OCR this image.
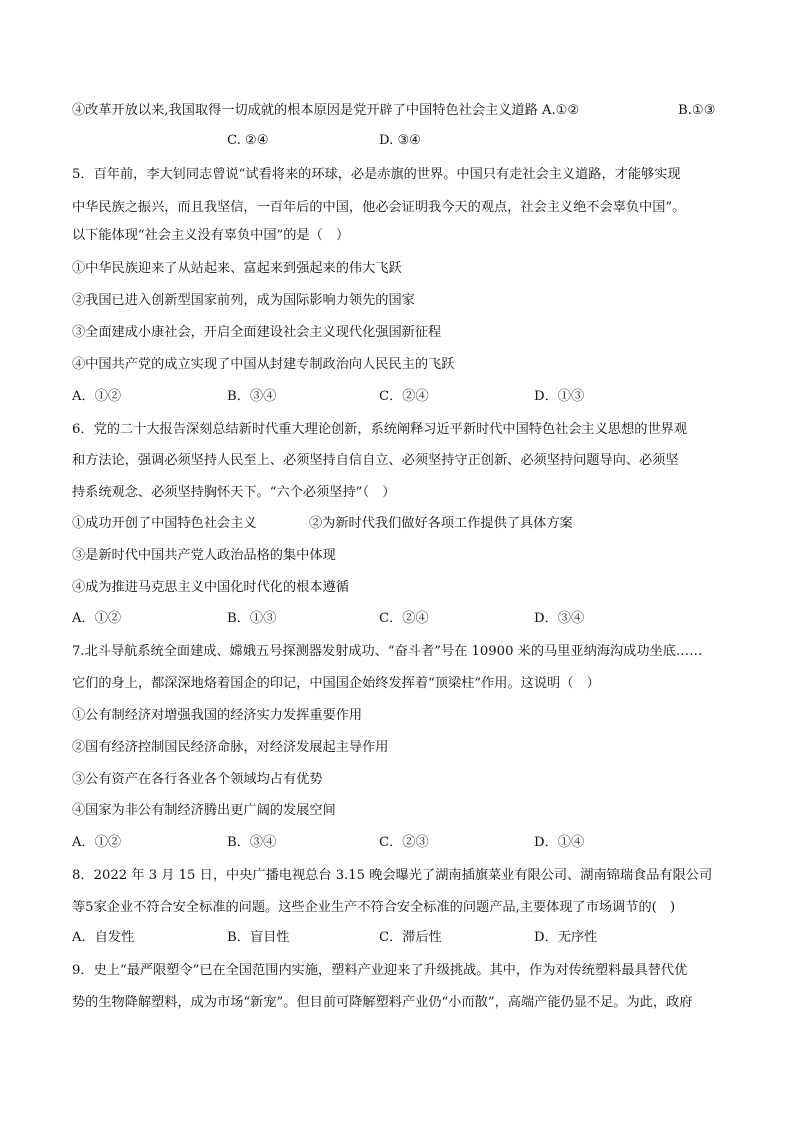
④改革开放以来,我国取得一切成就的根本原因是党开辟了中国特色社会主义道路 A.①②	B.①③
C. ②④	D. ③④
5．百年前，李大钊同志曾说“试看将来的环球，必是赤旗的世界。中国只有走社会主义道路，才能够实现
中华民族之振兴，而且我坚信，一百年后的中国，他必会证明我今天的观点，社会主义绝不会辜负中国”。
以下能体现“社会主义没有辜负中国”的是（　）
①中华民族迎来了从站起来、富起来到强起来的伟大飞跃
②我国已进入创新型国家前列，成为国际影响力领先的国家
③全面建成小康社会，开启全面建设社会主义现代化强国新征程
④中国共产党的成立实现了中国从封建专制政治向人民民主的飞跃
A．①②	B．③④	C．②④	D．①③
6．党的二十大报告深刻总结新时代重大理论创新，系统阐释习近平新时代中国特色社会主义思想的世界观
和方法论，强调必须坚持人民至上、必须坚持自信自立、必须坚持守正创新、必须坚持问题导向、必须坚
持系统观念、必须坚持胸怀天下。“六个必须坚持”（　）
①成功开创了中国特色社会主义	②为新时代我们做好各项工作提供了具体方案
③是新时代中国共产党人政治品格的集中体现
④成为推进马克思主义中国化时代化的根本遵循
A．①②	B．①③	C．②④	D．③④
7.北斗导航系统全面建成、嫦娥五号探测器发射成功、“奋斗者”号在 10900 米的马里亚纳海沟成功坐底……
它们的身上，都深深地烙着国企的印记，中国国企始终发挥着“顶梁柱”作用。这说明（　）
①公有制经济对增强我国的经济实力发挥重要作用
②国有经济控制国民经济命脉，对经济发展起主导作用
③公有资产在各行各业各个领域均占有优势
④国家为非公有制经济腾出更广阔的发展空间
A．①②	B．③④	C．②③	D．①④
8．2022 年 3 月 15 日，中央广播电视总台 3.15 晚会曝光了湖南插旗菜业有限公司、湖南锦瑞食品有限公司
等5家企业不符合安全标准的问题。这些企业生产不符合安全标准的问题产品,主要体现了市场调节的(　)
A．自发性	B．盲目性	C．滞后性	D．无序性
9．史上“最严限塑令”已在全国范围内实施，塑料产业迎来了升级挑战。其中，作为对传统塑料最具替代优
势的生物降解塑料，成为市场“新宠”。但目前可降解塑料产业仍“小而散”，高端产能仍显不足。为此，政府
